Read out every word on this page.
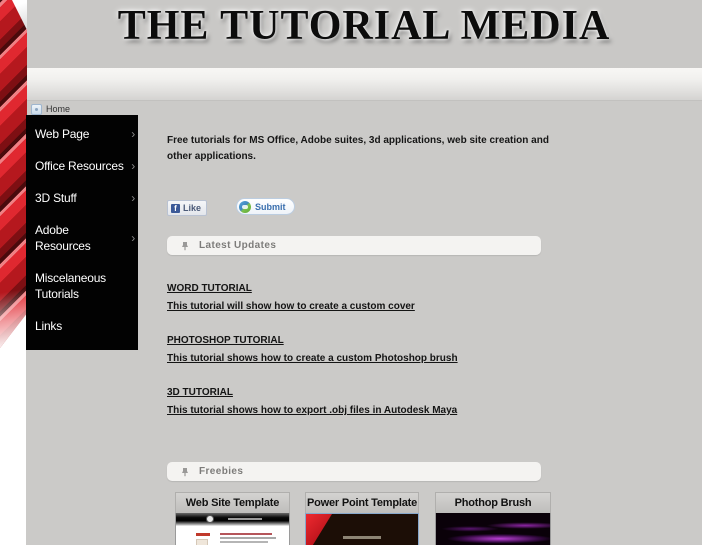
THE TUTORIAL MEDIA
Home
Web Page	›
Office Resources ›
3D Stuff	›
Adobe Resources
›
Miscelaneous Tutorials
Links
Free tutorials for MS Office, Adobe suites, 3d applications, web site creation and other applications.
f Like	Submit
Latest Updates
WORD TUTORIAL
This tutorial will show how to create a custom cover
PHOTOSHOP TUTORIAL
This tutorial shows how to create a custom Photoshop brush
3D TUTORIAL
This tutorial shows how to export .obj files in Autodesk Maya
Freebies
Web Site Template	Power Point Template	Phothop Brush
